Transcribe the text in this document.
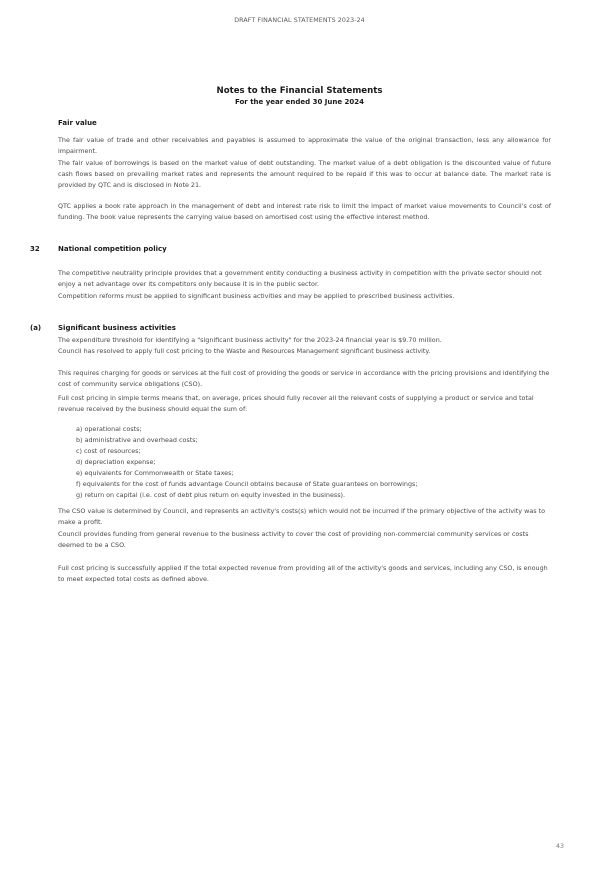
DRAFT FINANCIAL STATEMENTS 2023-24
Notes to the Financial Statements
For the year ended 30 June 2024
Fair value
The fair value of trade and other receivables and payables is assumed to approximate the value of the original transaction, less any allowance for impairment.
The fair value of borrowings is based on the market value of debt outstanding. The market value of a debt obligation is the discounted value of future cash flows based on prevailing market rates and represents the amount required to be repaid if this was to occur at balance date. The market rate is provided by QTC and is disclosed in Note 21.
QTC applies a book rate approach in the management of debt and interest rate risk to limit the impact of market value movements to Council's cost of funding. The book value represents the carrying value based on amortised cost using the effective interest method.
32	National competition policy
The competitive neutrality principle provides that a government entity conducting a business activity in competition with the private sector should not enjoy a net advantage over its competitors only because it is in the public sector.
Competition reforms must be applied to significant business activities and may be applied to prescribed business activities.
(a) Significant business activities
The expenditure threshold for identifying a "significant business activity" for the 2023-24 financial year is $9.70 million.
Council has resolved to apply full cost pricing to the Waste and Resources Management significant business activity.
This requires charging for goods or services at the full cost of providing the goods or service in accordance with the pricing provisions and identifying the cost of community service obligations (CSO).
Full cost pricing in simple terms means that, on average, prices should fully recover all the relevant costs of supplying a product or service and total revenue received by the business should equal the sum of:
a) operational costs;
b) administrative and overhead costs;
c) cost of resources;
d) depreciation expense;
e) equivalents for Commonwealth or State taxes;
f) equivalents for the cost of funds advantage Council obtains because of State guarantees on borrowings;
g) return on capital (i.e. cost of debt plus return on equity invested in the business).
The CSO value is determined by Council, and represents an activity's costs(s) which would not be incurred if the primary objective of the activity was to make a profit.
Council provides funding from general revenue to the business activity to cover the cost of providing non-commercial community services or costs deemed to be a CSO.
Full cost pricing is successfully applied if the total expected revenue from providing all of the activity's goods and services, including any CSO, is enough to meet expected total costs as defined above.
43
